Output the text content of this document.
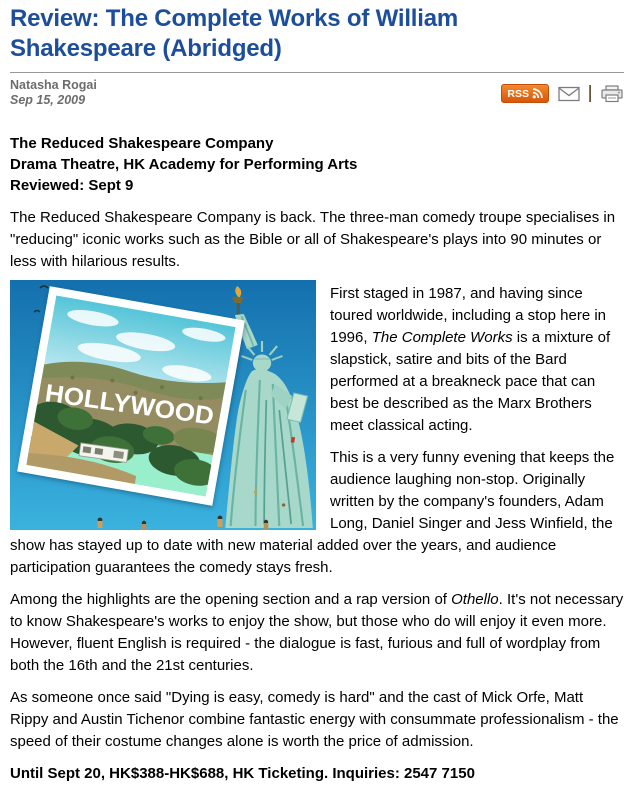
Review: The Complete Works of William Shakespeare (Abridged)
Natasha Rogai
Sep 15, 2009	RSS
The Reduced Shakespeare Company
Drama Theatre, HK Academy for Performing Arts
Reviewed: Sept 9

The Reduced Shakespeare Company is back. The three-man comedy troupe specialises in "reducing" iconic works such as the Bible or all of Shakespeare's plays into 90 minutes or less with hilarious results.

HOLLYWOOD

First staged in 1987, and having since toured worldwide, including a stop here in 1996, The Complete Works is a mixture of slapstick, satire and bits of the Bard performed at a breakneck pace that can best be described as the Marx Brothers meet classical acting.

This is a very funny evening that keeps the audience laughing non-stop. Originally written by the company's founders, Adam Long, Daniel Singer and Jess Winfield, the show has stayed up to date with new material added over the years, and audience participation guarantees the comedy stays fresh.

Among the highlights are the opening section and a rap version of Othello. It's not necessary to know Shakespeare's works to enjoy the show, but those who do will enjoy it even more. However, fluent English is required - the dialogue is fast, furious and full of wordplay from both the 16th and the 21st centuries.

As someone once said "Dying is easy, comedy is hard" and the cast of Mick Orfe, Matt Rippy and Austin Tichenor combine fantastic energy with consummate professionalism - the speed of their costume changes alone is worth the price of admission.

Until Sept 20, HK$388-HK$688, HK Ticketing. Inquiries: 2547 7150
